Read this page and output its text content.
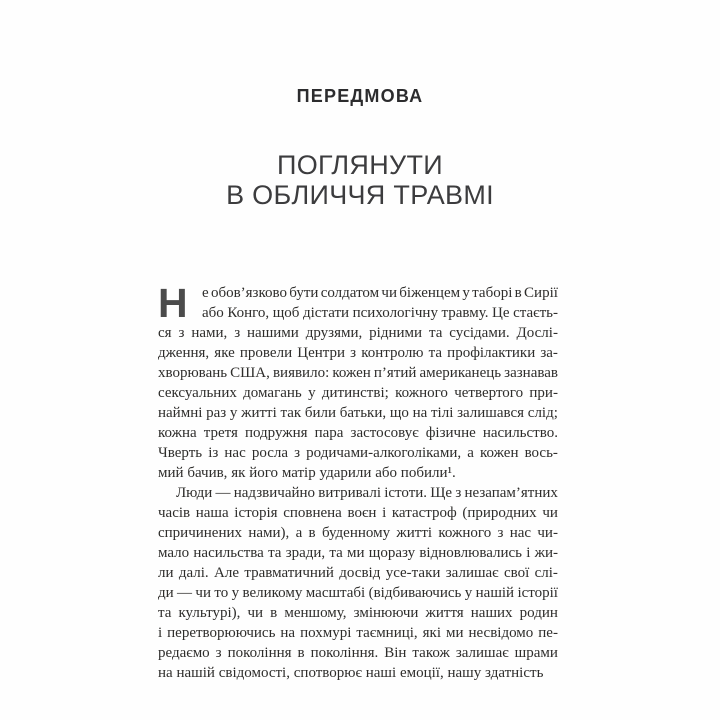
ПЕРЕДМОВА
ПОГЛЯНУТИ
В ОБЛИЧЧЯ ТРАВМІ
Н е обов’язково бути солдатом чи біженцем у таборі в Сирії
або Конго, щоб дістати психологічну травму. Це стаєть-
ся з нами, з нашими друзями, рідними та сусідами. Дослі-
дження, яке провели Центри з контролю та профілактики за-
хворювань США, виявило: кожен п’ятий американець зазнавав
сексуальних домагань у дитинстві; кожного четвертого при-
наймні раз у житті так били батьки, що на тілі залишався слід;
кожна третя подружня пара застосовує фізичне насильство.
Чверть із нас росла з родичами-алкоголіками, а кожен вось-
мий бачив, як його матір ударили або побили¹.
Люди — надзвичайно витривалі істоти. Ще з незапам’ятних
часів наша історія сповнена воєн і катастроф (природних чи
спричинених нами), а в буденному житті кожного з нас чи-
мало насильства та зради, та ми щоразу відновлювались і жи-
ли далі. Але травматичний досвід усе-таки залишає свої слі-
ди — чи то у великому масштабі (відбиваючись у нашій історії
та культурі), чи в меншому, змінюючи життя наших родин
і перетворюючись на похмурі таємниці, які ми несвідомо пе-
редаємо з покоління в покоління. Він також залишає шрами
на нашій свідомості, спотворює наші емоції, нашу здатність
